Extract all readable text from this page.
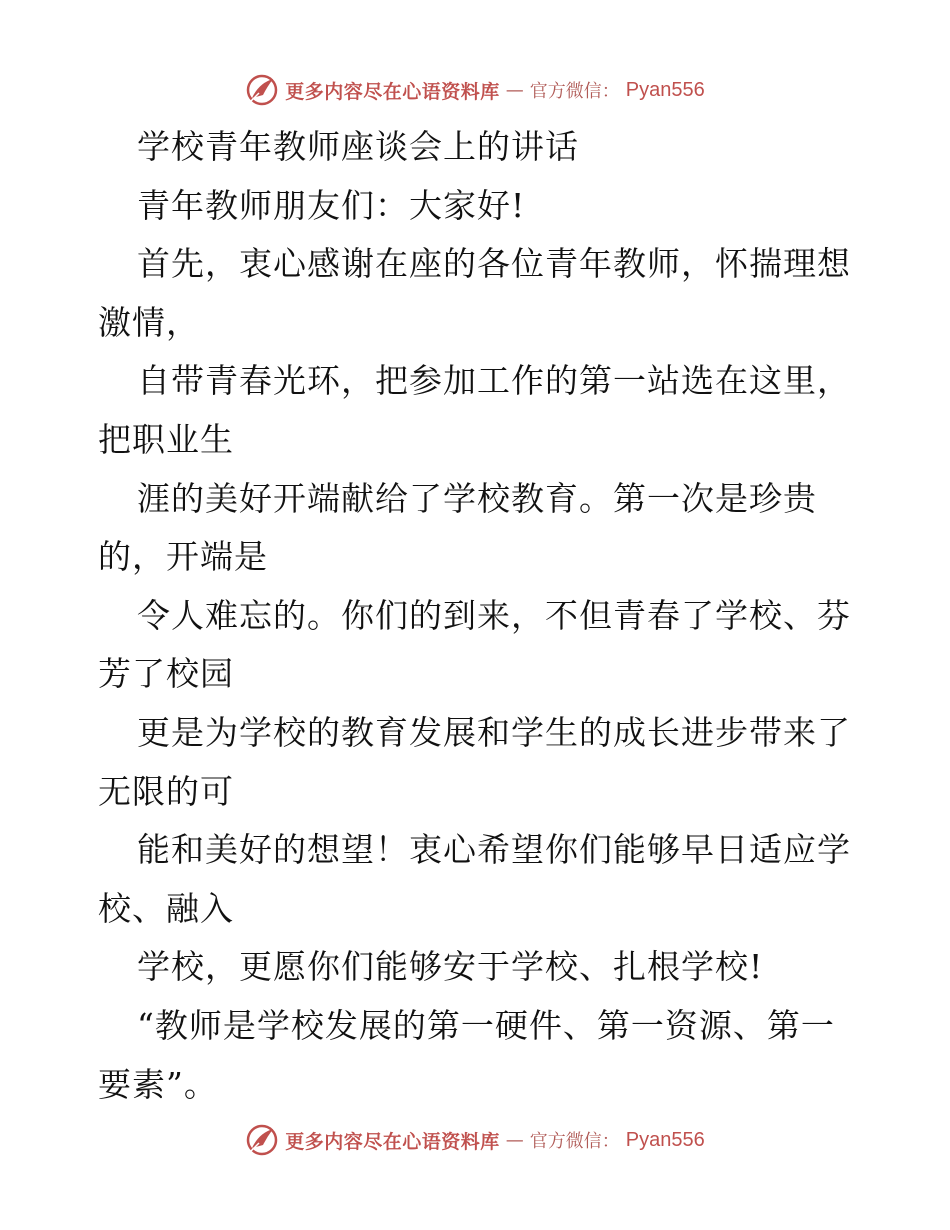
更多内容尽在心语资料库 — 官方微信： Pyan556
学校青年教师座谈会上的讲话
青年教师朋友们：大家好!
首先，衷心感谢在座的各位青年教师，怀揣理想
激情，
自带青春光环，把参加工作的第一站选在这里，
把职业生
涯的美好开端献给了学校教育。第一次是珍贵
的，开端是
令人难忘的。你们的到来，不但青春了学校、芬
芳了校园
更是为学校的教育发展和学生的成长进步带来了
无限的可
能和美好的想望！衷心希望你们能够早日适应学
校、融入
学校，更愿你们能够安于学校、扎根学校!
“教师是学校发展的第一硬件、第一资源、第一
要素”。
更多内容尽在心语资料库 — 官方微信： Pyan556
